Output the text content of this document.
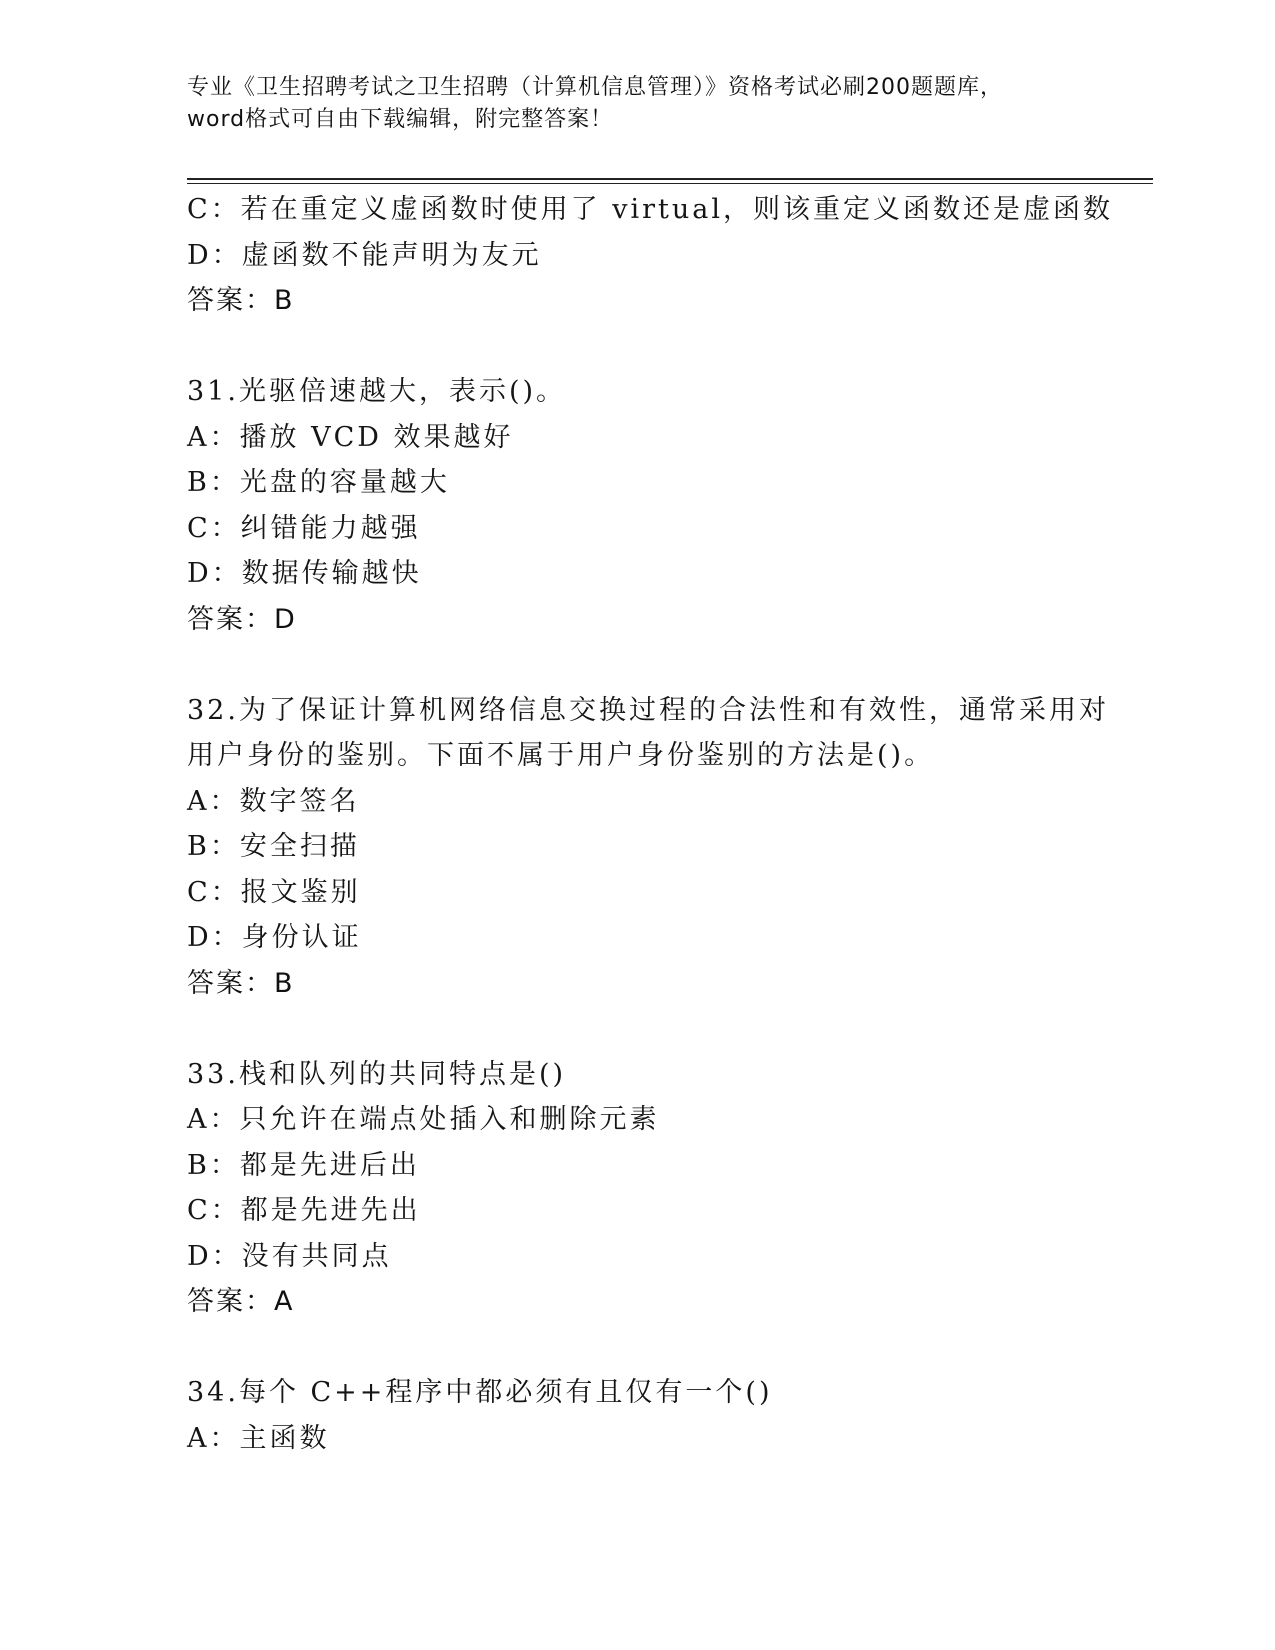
专业《卫生招聘考试之卫生招聘（计算机信息管理）》资格考试必刷200题题库，
word格式可自由下载编辑，附完整答案！
C：若在重定义虚函数时使用了 virtual，则该重定义函数还是虚函数
D：虚函数不能声明为友元
答案：B
31.光驱倍速越大，表示()。
A：播放 VCD 效果越好
B：光盘的容量越大
C：纠错能力越强
D：数据传输越快
答案：D
32.为了保证计算机网络信息交换过程的合法性和有效性，通常采用对
用户身份的鉴别。下面不属于用户身份鉴别的方法是()。
A：数字签名
B：安全扫描
C：报文鉴别
D：身份认证
答案：B
33.栈和队列的共同特点是()
A：只允许在端点处插入和删除元素
B：都是先进后出
C：都是先进先出
D：没有共同点
答案：A
34.每个 C++程序中都必须有且仅有一个()
A：主函数
